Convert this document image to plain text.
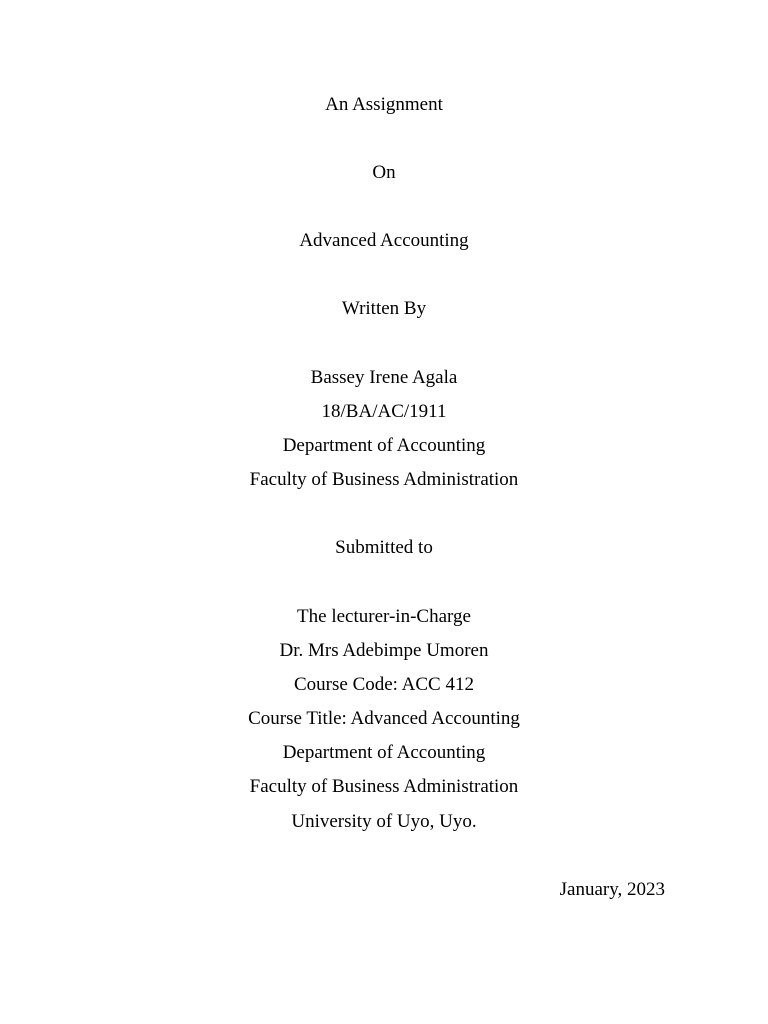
An Assignment
On
Advanced Accounting
Written By
Bassey Irene Agala
18/BA/AC/1911
Department of Accounting
Faculty of Business Administration
Submitted to
The lecturer-in-Charge
Dr. Mrs Adebimpe Umoren
Course Code: ACC 412
Course Title: Advanced Accounting
Department of Accounting
Faculty of Business Administration
University of Uyo, Uyo.
January, 2023
